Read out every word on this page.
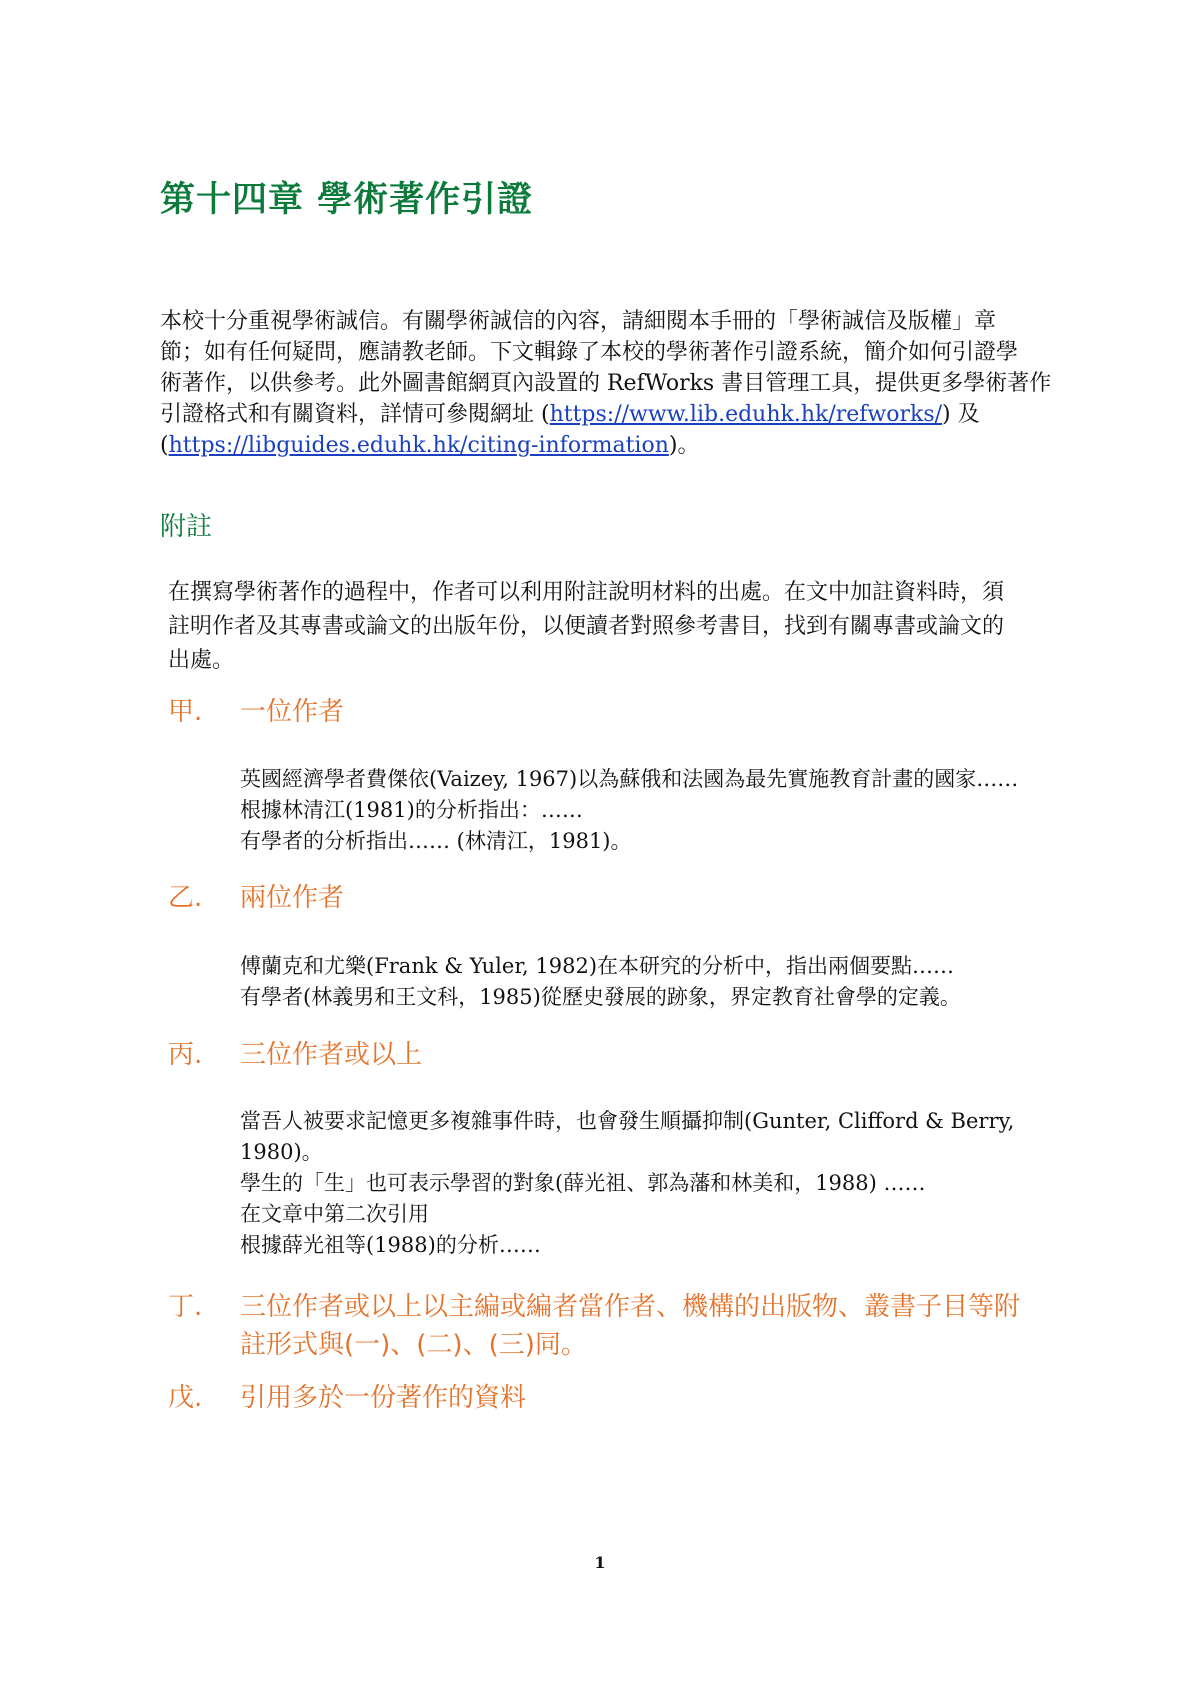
第十四章 學術著作引證

本校十分重視學術誠信。有關學術誠信的內容，請細閱本手冊的「學術誠信及版權」章
節；如有任何疑問，應請教老師。下文輯錄了本校的學術著作引證系統，簡介如何引證學
術著作，以供參考。此外圖書館網頁內設置的 RefWorks 書目管理工具，提供更多學術著作
引證格式和有關資料，詳情可參閱網址 (https://www.lib.eduhk.hk/refworks/) 及
(https://libguides.eduhk.hk/citing-information)。

附註

在撰寫學術著作的過程中，作者可以利用附註說明材料的出處。在文中加註資料時，須
註明作者及其專書或論文的出版年份，以便讀者對照參考書目，找到有關專書或論文的
出處。

甲. 一位作者

英國經濟學者費傑依(Vaizey, 1967)以為蘇俄和法國為最先實施教育計畫的國家……
根據林清江(1981)的分析指出：……
有學者的分析指出…… (林清江，1981)。

乙. 兩位作者

傅蘭克和尤樂(Frank & Yuler, 1982)在本研究的分析中，指出兩個要點……
有學者(林義男和王文科，1985)從歷史發展的跡象，界定教育社會學的定義。

丙. 三位作者或以上

當吾人被要求記憶更多複雜事件時，也會發生順攝抑制(Gunter, Clifford & Berry,
1980)。
學生的「生」也可表示學習的對象(薛光祖、郭為藩和林美和，1988) ……
在文章中第二次引用
根據薛光祖等(1988)的分析……

丁. 三位作者或以上以主編或編者當作者、機構的出版物、叢書子目等附
註形式與(一)、(二)、(三)同。
戊. 引用多於一份著作的資料
1
